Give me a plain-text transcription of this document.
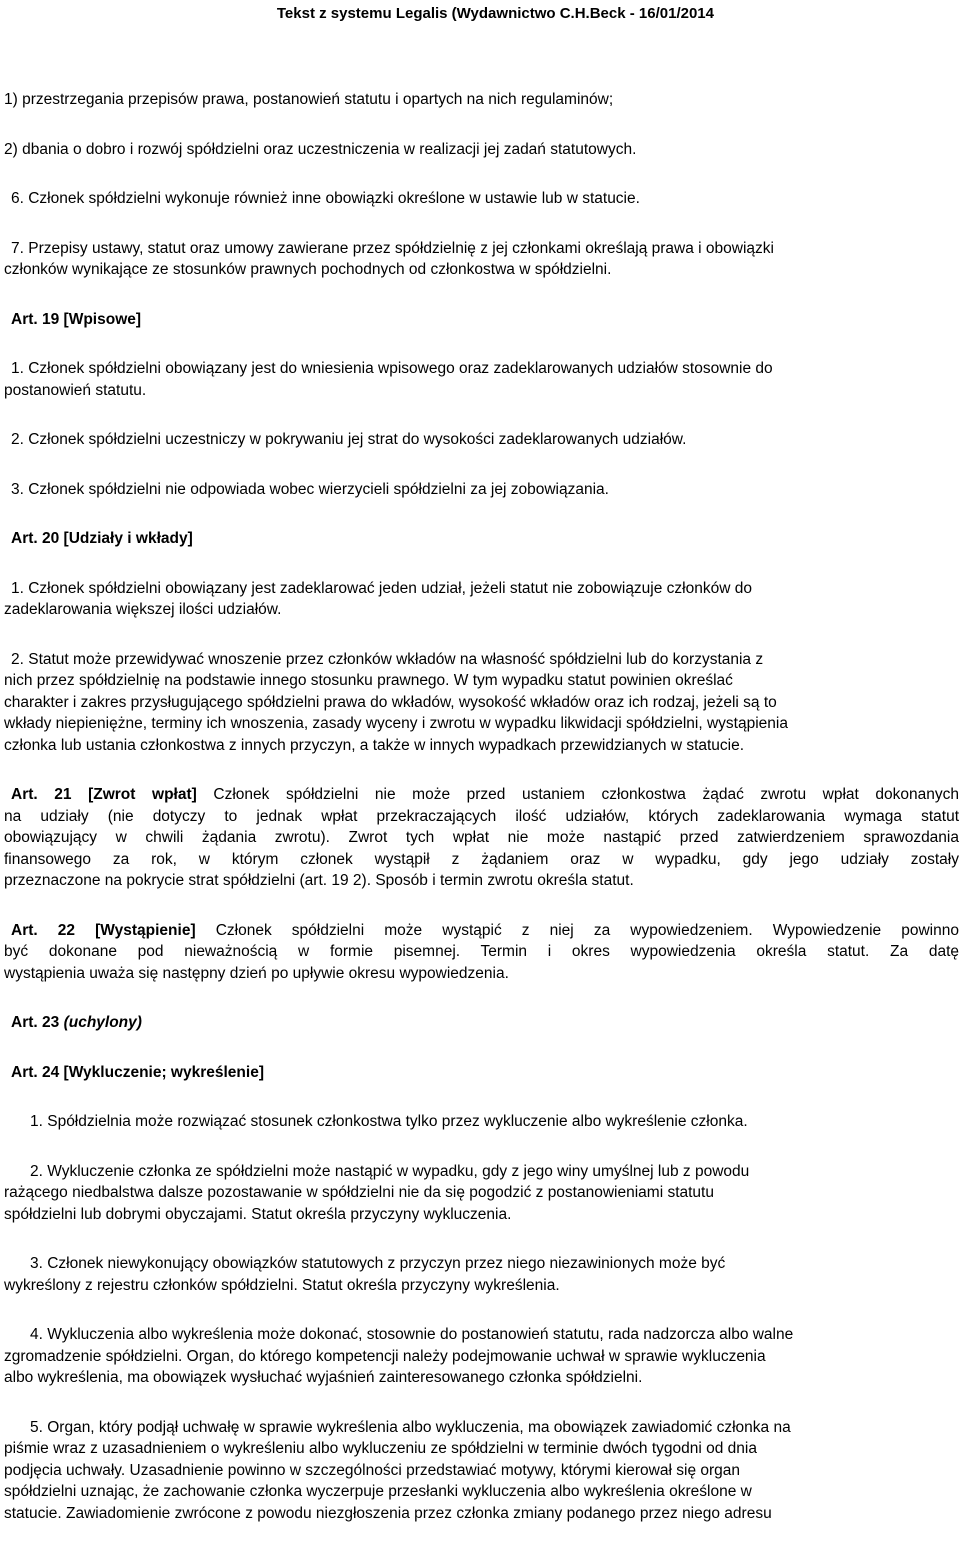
Tekst z systemu Legalis (Wydawnictwo C.H.Beck - 16/01/2014

1) przestrzegania przepisów prawa, postanowień statutu i opartych na nich regulaminów;

2) dbania o dobro i rozwój spółdzielni oraz uczestniczenia w realizacji jej zadań statutowych.

6. Członek spółdzielni wykonuje również inne obowiązki określone w ustawie lub w statucie.

7. Przepisy ustawy, statut oraz umowy zawierane przez spółdzielnię z jej członkami określają prawa i obowiązki
członków wynikające ze stosunków prawnych pochodnych od członkostwa w spółdzielni.

Art. 19 [Wpisowe]

1. Członek spółdzielni obowiązany jest do wniesienia wpisowego oraz zadeklarowanych udziałów stosownie do
postanowień statutu.

2. Członek spółdzielni uczestniczy w pokrywaniu jej strat do wysokości zadeklarowanych udziałów.

3. Członek spółdzielni nie odpowiada wobec wierzycieli spółdzielni za jej zobowiązania.

Art. 20 [Udziały i wkłady]

1. Członek spółdzielni obowiązany jest zadeklarować jeden udział, jeżeli statut nie zobowiązuje członków do
zadeklarowania większej ilości udziałów.
2. Statut może przewidywać wnoszenie przez członków wkładów na własność spółdzielni lub do korzystania z
nich przez spółdzielnię na podstawie innego stosunku prawnego. W tym wypadku statut powinien określać
charakter i zakres przysługującego spółdzielni prawa do wkładów, wysokość wkładów oraz ich rodzaj, jeżeli są to
wkłady niepieniężne, terminy ich wnoszenia, zasady wyceny i zwrotu w wypadku likwidacji spółdzielni, wystąpienia
członka lub ustania członkostwa z innych przyczyn, a także w innych wypadkach przewidzianych w statucie.
Art. 21 [Zwrot wpłat] Członek spółdzielni nie może przed ustaniem członkostwa żądać zwrotu wpłat dokonanych
na udziały (nie dotyczy to jednak wpłat przekraczających ilość udziałów, których zadeklarowania wymaga statut
obowiązujący w chwili żądania zwrotu). Zwrot tych wpłat nie może nastąpić przed zatwierdzeniem sprawozdania
finansowego za rok, w którym członek wystąpił z żądaniem oraz w wypadku, gdy jego udziały zostały
przeznaczone na pokrycie strat spółdzielni (art. 19 2). Sposób i termin zwrotu określa statut.
Art. 22 [Wystąpienie] Członek spółdzielni może wystąpić z niej za wypowiedzeniem. Wypowiedzenie powinno
być dokonane pod nieważnością w formie pisemnej. Termin i okres wypowiedzenia określa statut. Za datę
wystąpienia uważa się następny dzień po upływie okresu wypowiedzenia.

Art. 23 (uchylony)

Art. 24 [Wykluczenie; wykreślenie]

1. Spółdzielnia może rozwiązać stosunek członkostwa tylko przez wykluczenie albo wykreślenie członka.

2. Wykluczenie członka ze spółdzielni może nastąpić w wypadku, gdy z jego winy umyślnej lub z powodu
rażącego niedbalstwa dalsze pozostawanie w spółdzielni nie da się pogodzić z postanowieniami statutu
spółdzielni lub dobrymi obyczajami. Statut określa przyczyny wykluczenia.
3. Członek niewykonujący obowiązków statutowych z przyczyn przez niego niezawinionych może być
wykreślony z rejestru członków spółdzielni. Statut określa przyczyny wykreślenia.
4. Wykluczenia albo wykreślenia może dokonać, stosownie do postanowień statutu, rada nadzorcza albo walne
zgromadzenie spółdzielni. Organ, do którego kompetencji należy podejmowanie uchwał w sprawie wykluczenia
albo wykreślenia, ma obowiązek wysłuchać wyjaśnień zainteresowanego członka spółdzielni.
5. Organ, który podjął uchwałę w sprawie wykreślenia albo wykluczenia, ma obowiązek zawiadomić członka na
piśmie wraz z uzasadnieniem o wykreśleniu albo wykluczeniu ze spółdzielni w terminie dwóch tygodni od dnia
podjęcia uchwały. Uzasadnienie powinno w szczególności przedstawiać motywy, którymi kierował się organ
spółdzielni uznając, że zachowanie członka wyczerpuje przesłanki wykluczenia albo wykreślenia określone w
statucie. Zawiadomienie zwrócone z powodu niezgłoszenia przez członka zmiany podanego przez niego adresu
